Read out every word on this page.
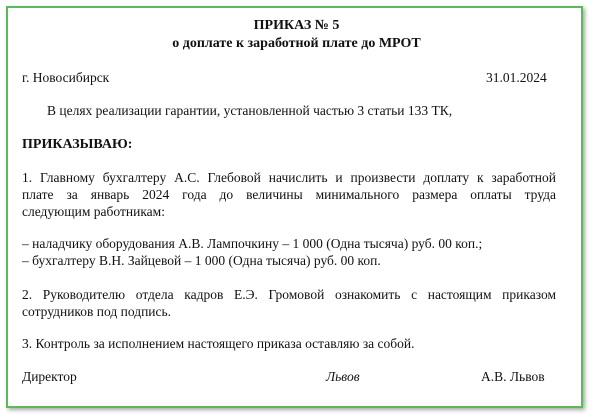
ПРИКАЗ № 5
о доплате к заработной плате до МРОТ
г. Новосибирск	31.01.2024
В целях реализации гарантии, установленной частью 3 статьи 133 ТК,
ПРИКАЗЫВАЮ:
1. Главному бухгалтеру А.С. Глебовой начислить и произвести доплату к заработной
плате за январь 2024 года до величины минимального размера оплаты труда
следующим работникам:
– наладчику оборудования А.В. Лампочкину – 1 000 (Одна тысяча) руб. 00 коп.;
– бухгалтеру В.Н. Зайцевой – 1 000 (Одна тысяча) руб. 00 коп.
2. Руководителю отдела кадров Е.Э. Громовой ознакомить с настоящим приказом
сотрудников под подпись.
3. Контроль за исполнением настоящего приказа оставляю за собой.
Директор	Львов	А.В. Львов
